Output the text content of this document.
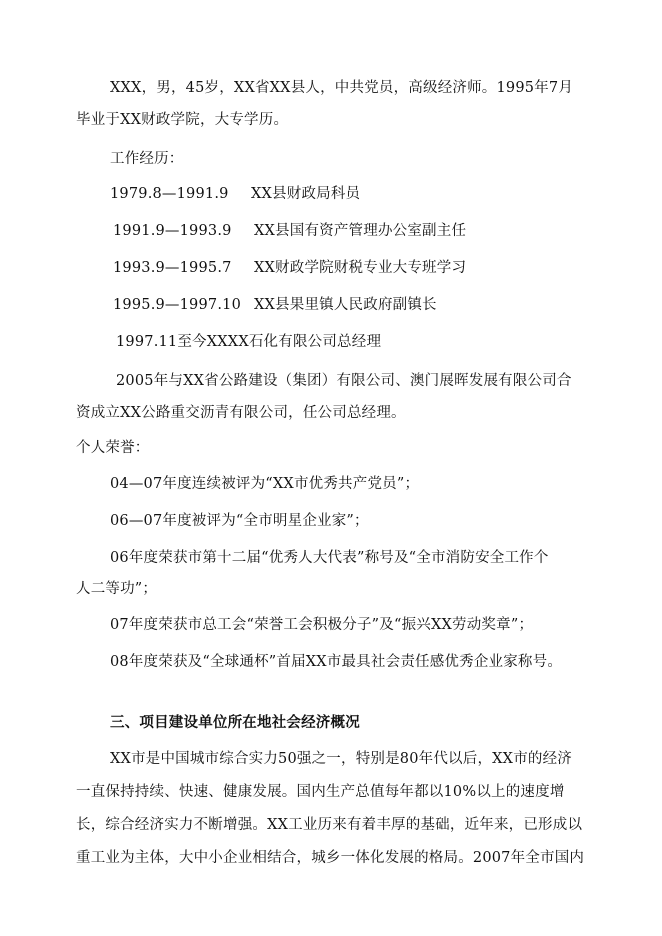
XXX，男，45岁，XX省XX县人，中共党员，高级经济师。1995年7月
毕业于XX财政学院，大专学历。
工作经历：
1979.8—1991.9 XX县财政局科员
1991.9—1993.9 XX县国有资产管理办公室副主任
1993.9—1995.7 XX财政学院财税专业大专班学习
1995.9—1997.10 XX县果里镇人民政府副镇长
1997.11至今XXXX石化有限公司总经理
2005年与XX省公路建设（集团）有限公司、澳门展晖发展有限公司合
资成立XX公路重交沥青有限公司，任公司总经理。
个人荣誉：
04—07年度连续被评为“XX市优秀共产党员”；
06—07年度被评为“全市明星企业家”；
06年度荣获市第十二届“优秀人大代表”称号及“全市消防安全工作个
人二等功”；
07年度荣获市总工会“荣誉工会积极分子”及“振兴XX劳动奖章”；
08年度荣获及“全球通杯”首届XX市最具社会责任感优秀企业家称号。
三、项目建设单位所在地社会经济概况
XX市是中国城市综合实力50强之一，特别是80年代以后，XX市的经济
一直保持持续、快速、健康发展。国内生产总值每年都以10%以上的速度增
长，综合经济实力不断增强。XX工业历来有着丰厚的基础，近年来，已形成以
重工业为主体，大中小企业相结合，城乡一体化发展的格局。2007年全市国内
